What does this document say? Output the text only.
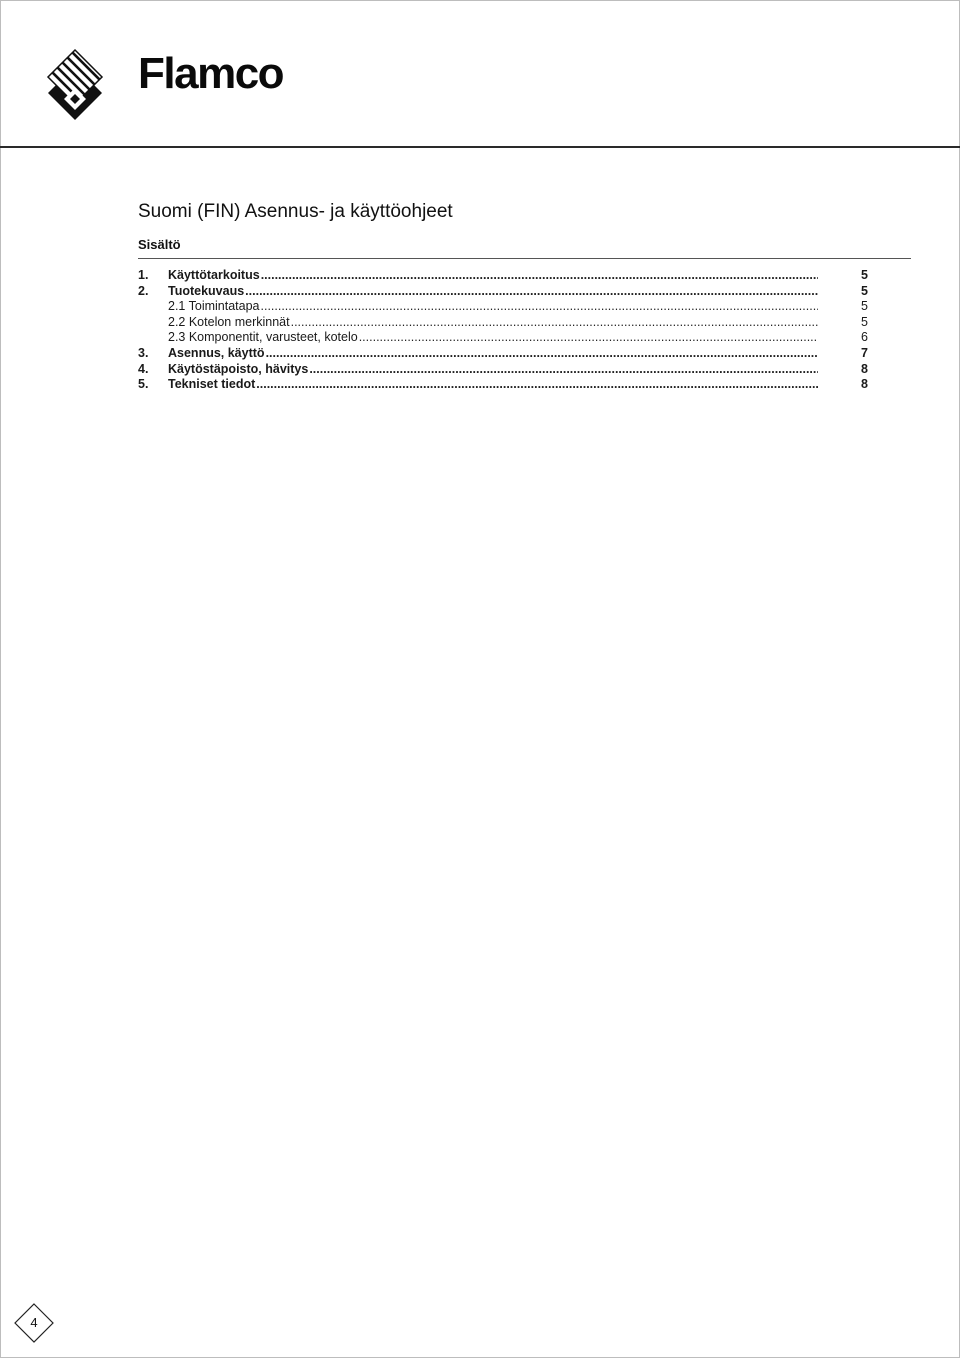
Flamco
Suomi (FIN) Asennus- ja käyttöohjeet
Sisältö
1.	Käyttötarkoitus .....	5
2.	Tuotekuvaus .....	5
2.1 Toimintatapa .....	5
2.2 Kotelon merkinnät .....	5
2.3 Komponentit, varusteet, kotelo .....	6
3.	Asennus, käyttö .....	7
4.	Käytöstäpoisto, hävitys .....	8
5.	Tekniset tiedot .....	8
4
